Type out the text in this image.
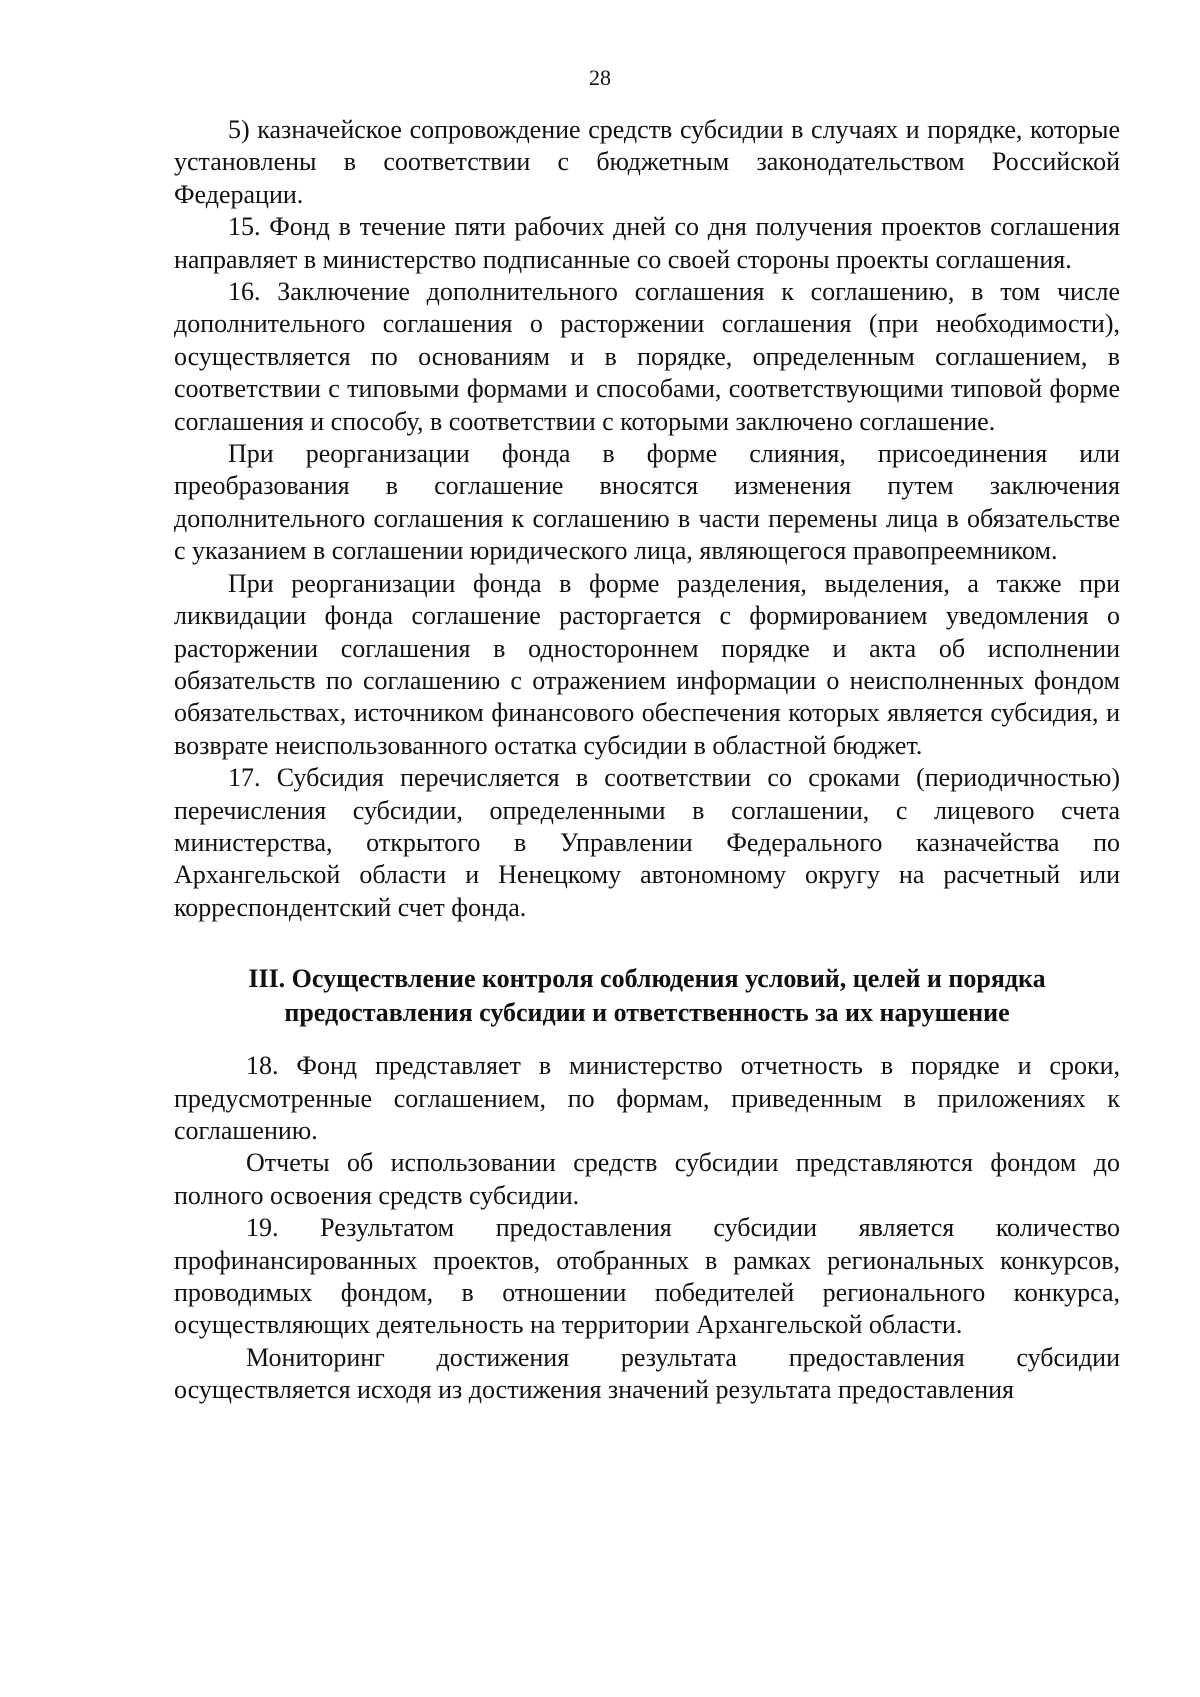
28

5) казначейское сопровождение средств субсидии в случаях и порядке, которые установлены в соответствии с бюджетным законодательством Российской Федерации.

15. Фонд в течение пяти рабочих дней со дня получения проектов соглашения направляет в министерство подписанные со своей стороны проекты соглашения.

16. Заключение дополнительного соглашения к соглашению, в том числе дополнительного соглашения о расторжении соглашения (при необходимости), осуществляется по основаниям и в порядке, определенным соглашением, в соответствии с типовыми формами и способами, соответствующими типовой форме соглашения и способу, в соответствии с которыми заключено соглашение.

При реорганизации фонда в форме слияния, присоединения или преобразования в соглашение вносятся изменения путем заключения дополнительного соглашения к соглашению в части перемены лица в обязательстве с указанием в соглашении юридического лица, являющегося правопреемником.

При реорганизации фонда в форме разделения, выделения, а также при ликвидации фонда соглашение расторгается с формированием уведомления о расторжении соглашения в одностороннем порядке и акта об исполнении обязательств по соглашению с отражением информации о неисполненных фондом обязательствах, источником финансового обеспечения которых является субсидия, и возврате неиспользованного остатка субсидии в областной бюджет.

17. Субсидия перечисляется в соответствии со сроками (периодичностью) перечисления субсидии, определенными в соглашении, с лицевого счета министерства, открытого в Управлении Федерального казначейства по Архангельской области и Ненецкому автономному округу на расчетный или корреспондентский счет фонда.

III. Осуществление контроля соблюдения условий, целей и порядка
предоставления субсидии и ответственность за их нарушение

18. Фонд представляет в министерство отчетность в порядке и сроки, предусмотренные соглашением, по формам, приведенным в приложениях к соглашению.

Отчеты об использовании средств субсидии представляются фондом до полного освоения средств субсидии.

19. Результатом предоставления субсидии является количество профинансированных проектов, отобранных в рамках региональных конкурсов, проводимых фондом, в отношении победителей регионального конкурса, осуществляющих деятельность на территории Архангельской области.

Мониторинг достижения результата предоставления субсидии осуществляется исходя из достижения значений результата предоставления
